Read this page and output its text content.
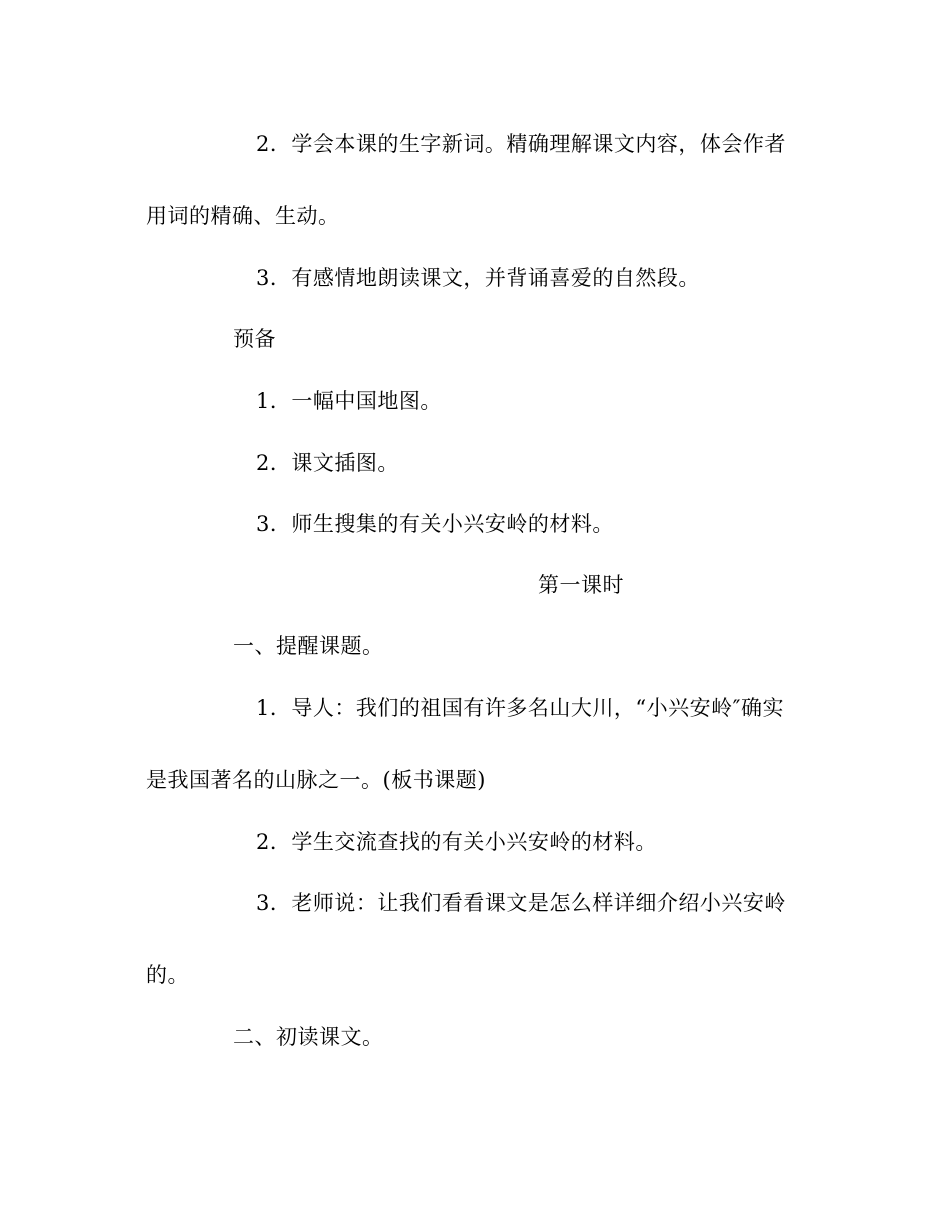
2．学会本课的生字新词。精确理解课文内容，体会作者
用词的精确、生动。
3．有感情地朗读课文，并背诵喜爱的自然段。
预备
1．一幅中国地图。
2．课文插图。
3．师生搜集的有关小兴安岭的材料。
第一课时
一、提醒课题。
1．导人：我们的祖国有许多名山大川，“小兴安岭″确实
是我国著名的山脉之一。(板书课题)
2．学生交流查找的有关小兴安岭的材料。
3．老师说：让我们看看课文是怎么样详细介绍小兴安岭
的。
二、初读课文。
